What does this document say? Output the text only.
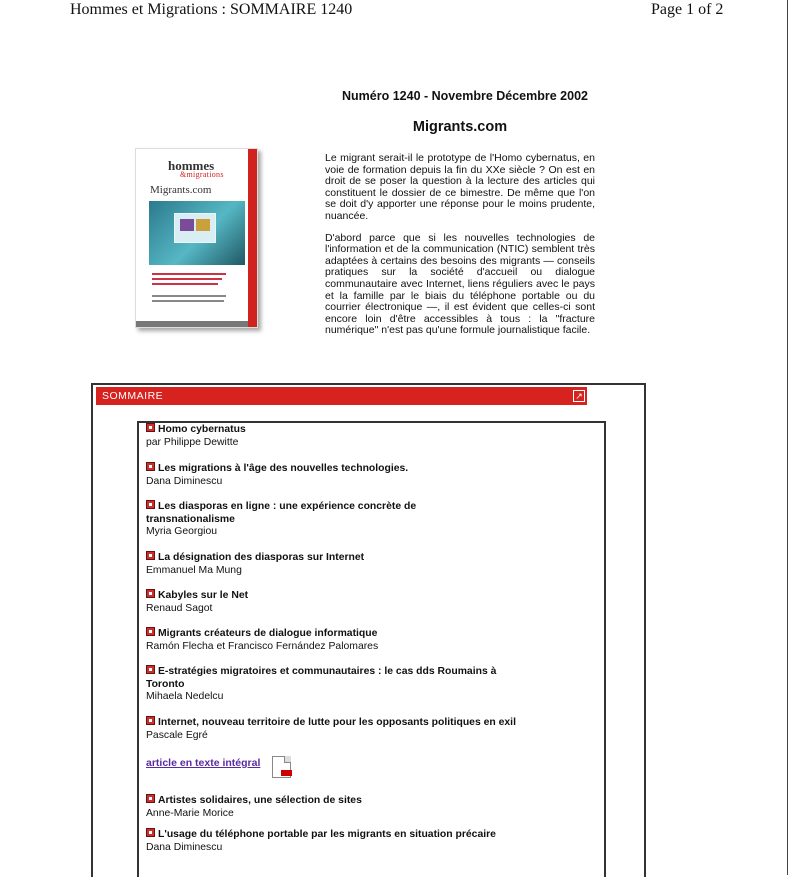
Hommes et Migrations : SOMMAIRE 1240	Page 1 of 2
hommes
&migrations
Migrants.com
Numéro 1240 - Novembre Décembre 2002
Migrants.com

Le migrant serait-il le prototype de l'Homo cybernatus, en voie de formation depuis la fin du XXe siècle ? On est en droit de se poser la question à la lecture des articles qui constituent le dossier de ce bimestre. De même que l'on se doit d'y apporter une réponse pour le moins prudente, nuancée.

D'abord parce que si les nouvelles technologies de l'information et de la communication (NTIC) semblent très adaptées à certains des besoins des migrants — conseils pratiques sur la société d'accueil ou dialogue communautaire avec Internet, liens réguliers avec le pays et la famille par le biais du téléphone portable ou du courrier électronique —, il est évident que celles-ci sont encore loin d'être accessibles à tous : la "fracture numérique" n'est pas qu'une formule journalistique facile.

SOMMAIRE	↗
Homo cybernatus
par Philippe Dewitte
Les migrations à l'âge des nouvelles technologies.
Dana Diminescu
Les diasporas en ligne : une expérience concrète de transnationalisme
Myria Georgiou
La désignation des diasporas sur Internet
Emmanuel Ma Mung
Kabyles sur le Net
Renaud Sagot
Migrants créateurs de dialogue informatique
Ramón Flecha et Francisco Fernández Palomares
E-stratégies migratoires et communautaires : le cas dds Roumains à Toronto
Mihaela Nedelcu
Internet, nouveau territoire de lutte pour les opposants politiques en exil
Pascale Egré
article en texte intégral
Artistes solidaires, une sélection de sites
Anne-Marie Morice
L'usage du téléphone portable par les migrants en situation précaire
Dana Diminescu
